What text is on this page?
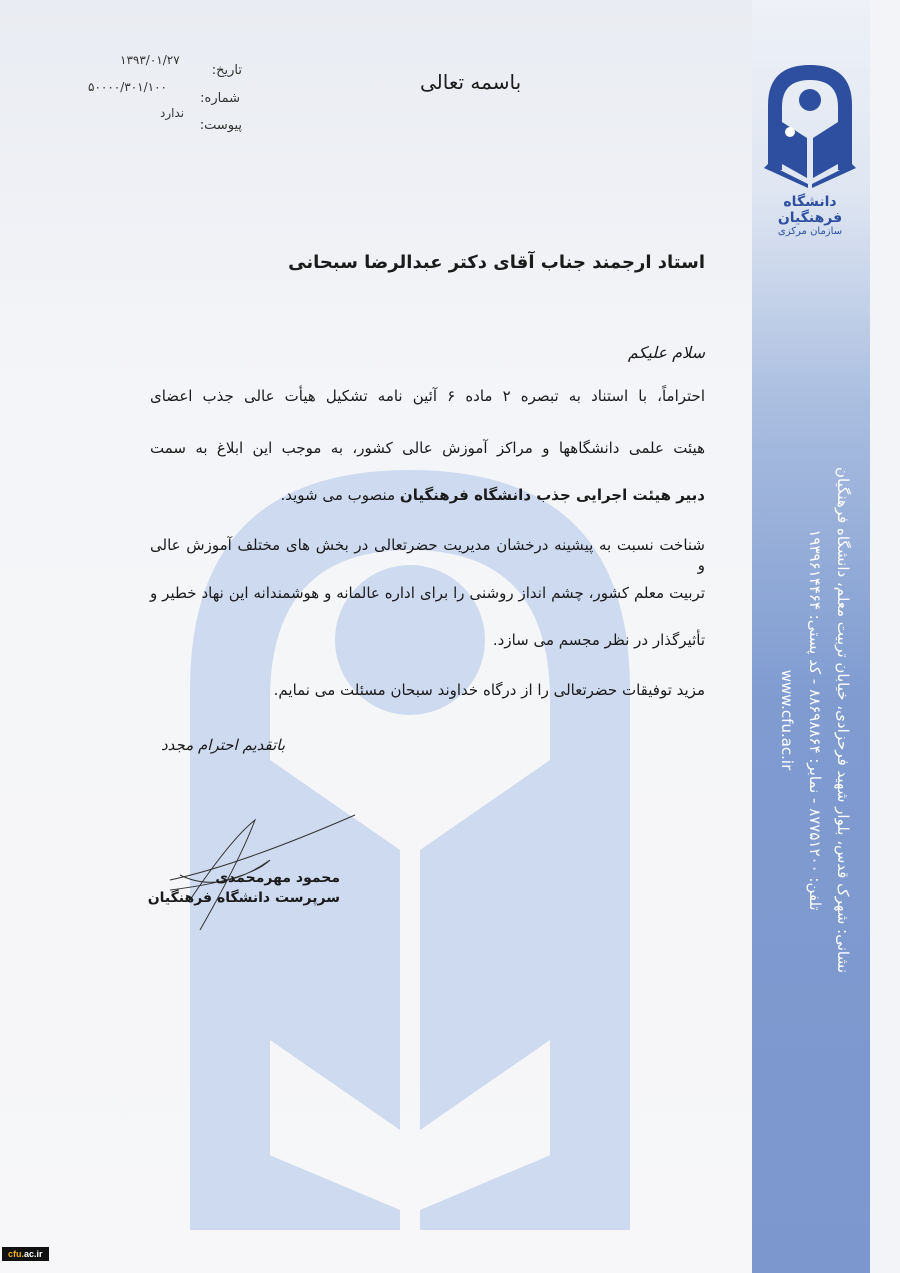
باسمه تعالی
تاریخ:
۱۳۹۳/۰۱/۲۷
شماره:
۵۰۰۰۰/۳۰۱/۱۰۰
پیوست:
ندارد
دانشگاه فرهنگیان
سازمان مرکزی
استاد ارجمند جناب آقای دکتر عبدالرضا سبحانی
سلام علیکم
احتراماً، با استناد به تبصره ۲ ماده ۶ آئین نامه تشکیل هیأت عالی جذب اعضای
هیئت علمی دانشگاهها و مراکز آموزش عالی کشور، به موجب این ابلاغ به سمت
دبیر هیئت اجرایی جذب دانشگاه فرهنگیان منصوب می شوید.
شناخت نسبت به پیشینه درخشان مدیریت حضرتعالی در بخش های مختلف آموزش عالی و
تربیت معلم کشور، چشم انداز روشنی را برای اداره عالمانه و هوشمندانه این نهاد خطیر و
تأثیرگذار در نظر مجسم می سازد.
مزید توفیقات حضرتعالی را از درگاه خداوند سبحان مسئلت می نمایم.
باتقدیم احترام مجدد
محمود مهرمحمدی
سرپرست دانشگاه فرهنگیان	نشانی: شهرک قدس، بلوار شهید فرحزادی، خیابان تربیت معلم، دانشگاه فرهنگیان
تلفن: ۸۷۷۵۱۲۰۰ - نمابر: ۸۸۶۹۸۸۶۴ - کد پستی: ۱۹۳۹۶۱۴۴۶۴
www.cfu.ac.ir
cfu.ac.ir
